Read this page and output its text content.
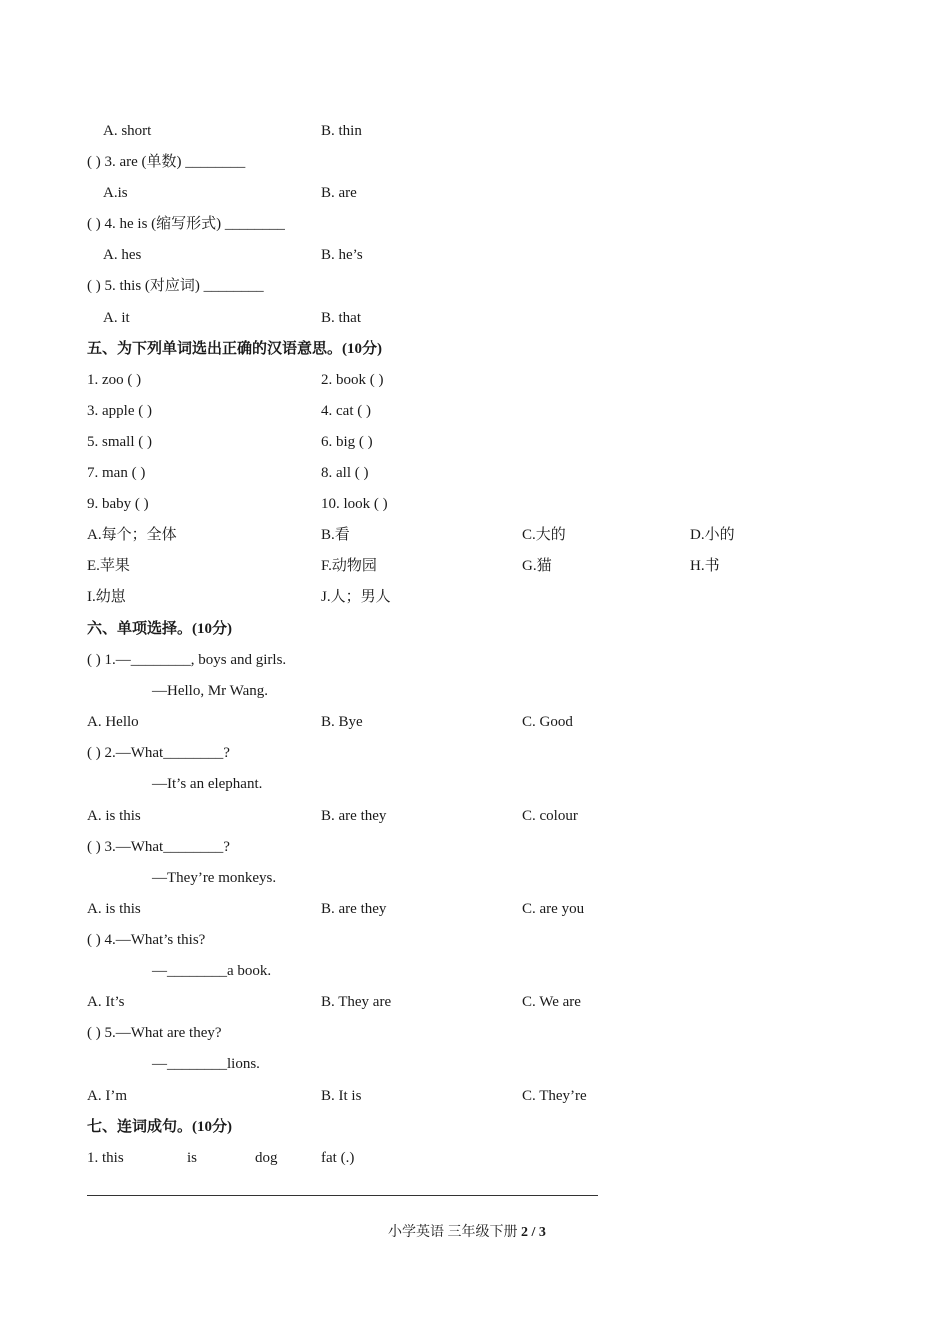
A. short	B. thin
( ) 3. are (单数) ________
A.is	B. are
( ) 4. he is (缩写形式) ________
A. hes	B. he’s
( ) 5. this (对应词) ________
A. it	B. that
五、为下列单词选出正确的汉语意思。(10分)
1. zoo ( )	2. book ( )
3. apple ( )	4. cat ( )
5. small ( )	6. big ( )
7. man ( )	8. all ( )
9. baby ( )	10. look ( )
A.每个；全体	B.看	C.大的	D.小的
E.苹果	F.动物园	G.猫	H.书
I.幼崽	J.人；男人
六、单项选择。(10分)
( ) 1.—________, boys and girls.
—Hello, Mr Wang.
A. Hello	B. Bye	C. Good
( ) 2.—What________?
—It’s an elephant.
A. is this	B. are they	C. colour
( ) 3.—What________?
—They’re monkeys.
A. is this	B. are they	C. are you
( ) 4.—What’s this?
—________a book.
A. It’s	B. They are	C. We are
( ) 5.—What are they?
—________lions.
A. I’m	B. It is	C. They’re
七、连词成句。(10分)
1. this	is	dog	fat (.)
小学英语 三年级下册 2 / 3
